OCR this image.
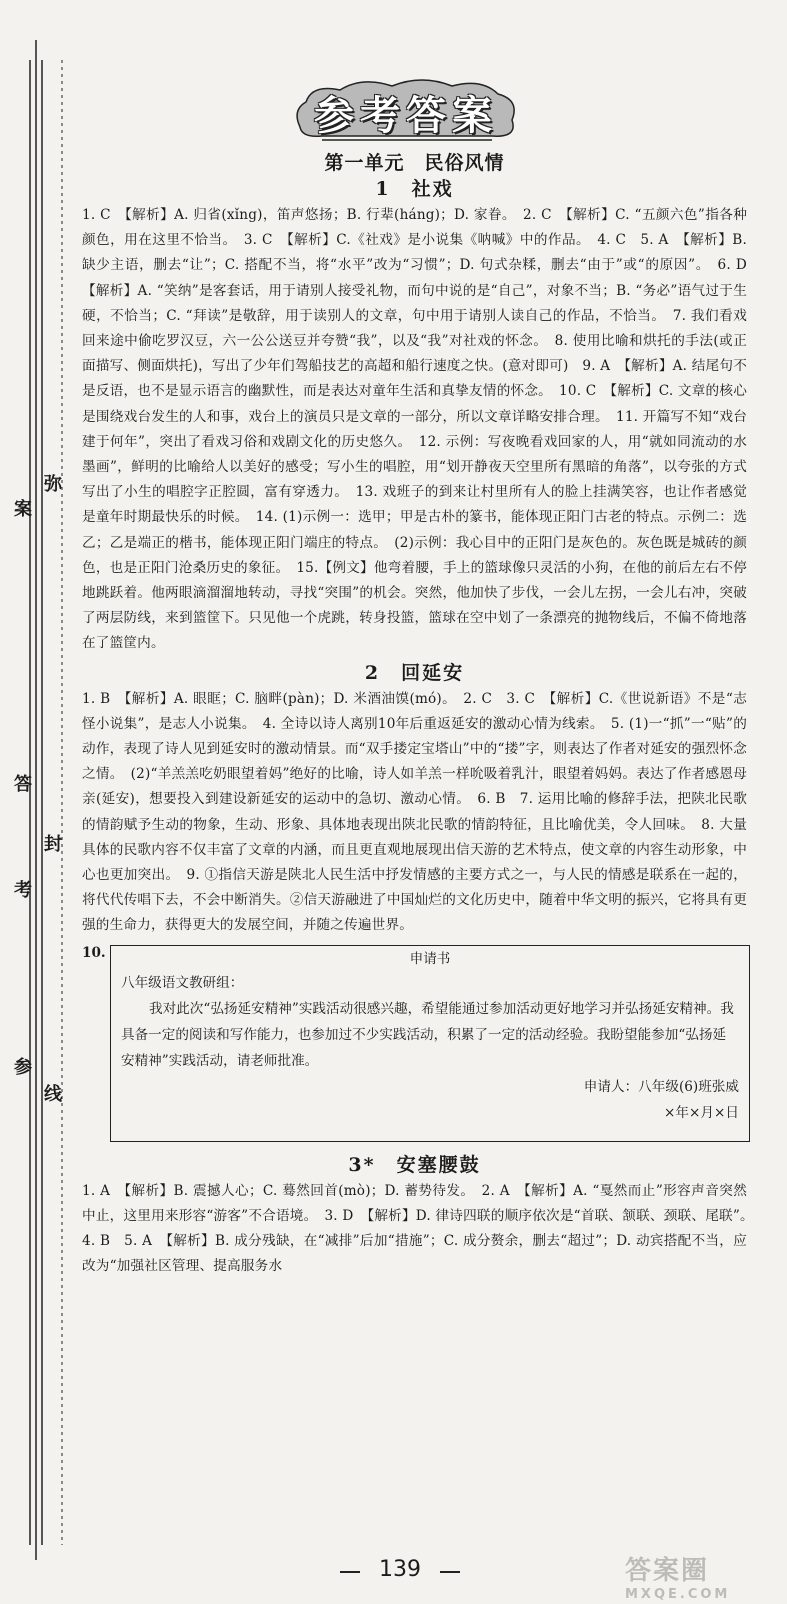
弥
案
答
封
考
参
线
参考答案
第一单元　民俗风情
1　社戏

1. C　【解析】A. 归省(xǐng)，笛声悠扬；B. 行辈(háng)；D. 家眷。　2. C　【解析】C. “五颜六色”指各种颜色，用在这里不恰当。　3. C　【解析】C.《社戏》是小说集《呐喊》中的作品。　4. C　5. A　【解析】B. 缺少主语，删去“让”；C. 搭配不当，将“水平”改为“习惯”；D. 句式杂糅，删去“由于”或“的原因”。　6. D　【解析】A. “笑纳”是客套话，用于请别人接受礼物，而句中说的是“自己”，对象不当；B. “务必”语气过于生硬，不恰当；C. “拜读”是敬辞，用于读别人的文章，句中用于请别人读自己的作品，不恰当。　7. 我们看戏回来途中偷吃罗汉豆，六一公公送豆并夸赞“我”，以及“我”对社戏的怀念。　8. 使用比喻和烘托的手法(或正面描写、侧面烘托)，写出了少年们驾船技艺的高超和船行速度之快。(意对即可)　9. A　【解析】A. 结尾句不是反语，也不是显示语言的幽默性，而是表达对童年生活和真挚友情的怀念。　10. C　【解析】C. 文章的核心是围绕戏台发生的人和事，戏台上的演员只是文章的一部分，所以文章详略安排合理。　11. 开篇写不知“戏台建于何年”，突出了看戏习俗和戏剧文化的历史悠久。　12. 示例：写夜晚看戏回家的人，用“就如同流动的水墨画”，鲜明的比喻给人以美好的感受；写小生的唱腔，用“划开静夜天空里所有黑暗的角落”，以夸张的方式写出了小生的唱腔字正腔圆，富有穿透力。　13. 戏班子的到来让村里所有人的脸上挂满笑容，也让作者感觉是童年时期最快乐的时候。　14. (1)示例一：选甲；甲是古朴的篆书，能体现正阳门古老的特点。示例二：选乙；乙是端正的楷书，能体现正阳门端庄的特点。　(2)示例：我心目中的正阳门是灰色的。灰色既是城砖的颜色，也是正阳门沧桑历史的象征。　15.【例文】他弯着腰，手上的篮球像只灵活的小狗，在他的前后左右不停地跳跃着。他两眼滴溜溜地转动，寻找“突围”的机会。突然，他加快了步伐，一会儿左拐，一会儿右冲，突破了两层防线，来到篮筐下。只见他一个虎跳，转身投篮，篮球在空中划了一条漂亮的抛物线后，不偏不倚地落在了篮筐内。

2　回延安

1. B　【解析】A. 眼眶；C. 脑畔(pàn)；D. 米酒油馍(mó)。　2. C　3. C　【解析】C.《世说新语》不是“志怪小说集”，是志人小说集。　4. 全诗以诗人离别10年后重返延安的激动心情为线索。　5. (1)一“抓”一“贴”的动作，表现了诗人见到延安时的激动情景。而“双手搂定宝塔山”中的“搂”字，则表达了作者对延安的强烈怀念之情。　(2)“羊羔羔吃奶眼望着妈”绝好的比喻，诗人如羊羔一样吮吸着乳汁，眼望着妈妈。表达了作者感恩母亲(延安)，想要投入到建设新延安的运动中的急切、激动心情。　6. B　7. 运用比喻的修辞手法，把陕北民歌的情韵赋予生动的物象，生动、形象、具体地表现出陕北民歌的情韵特征，且比喻优美，令人回味。　8. 大量具体的民歌内容不仅丰富了文章的内涵，而且更直观地展现出信天游的艺术特点，使文章的内容生动形象，中心也更加突出。　9. ①指信天游是陕北人民生活中抒发情感的主要方式之一，与人民的情感是联系在一起的，将代代传唱下去，不会中断消失。②信天游融进了中国灿烂的文化历史中，随着中华文明的振兴，它将具有更强的生命力，获得更大的发展空间，并随之传遍世界。

10.	申请书
八年级语文教研组：
我对此次“弘扬延安精神”实践活动很感兴趣，希望能通过参加活动更好地学习并弘扬延安精神。我具备一定的阅读和写作能力，也参加过不少实践活动，积累了一定的活动经验。我盼望能参加“弘扬延安精神”实践活动，请老师批准。
申请人：八年级(6)班张威
×年×月×日
3*　安塞腰鼓

1. A　【解析】B. 震撼人心；C. 蓦然回首(mò)；D. 蓄势待发。　2. A　【解析】A. “戛然而止”形容声音突然中止，这里用来形容“游客”不合语境。　3. D　【解析】D. 律诗四联的顺序依次是“首联、颔联、颈联、尾联”。　4. B　5. A　【解析】B. 成分残缺，在“减排”后加“措施”；C. 成分赘余，删去“超过”；D. 动宾搭配不当，应改为“加强社区管理、提高服务水

139	答案圈
MXQE.COM
